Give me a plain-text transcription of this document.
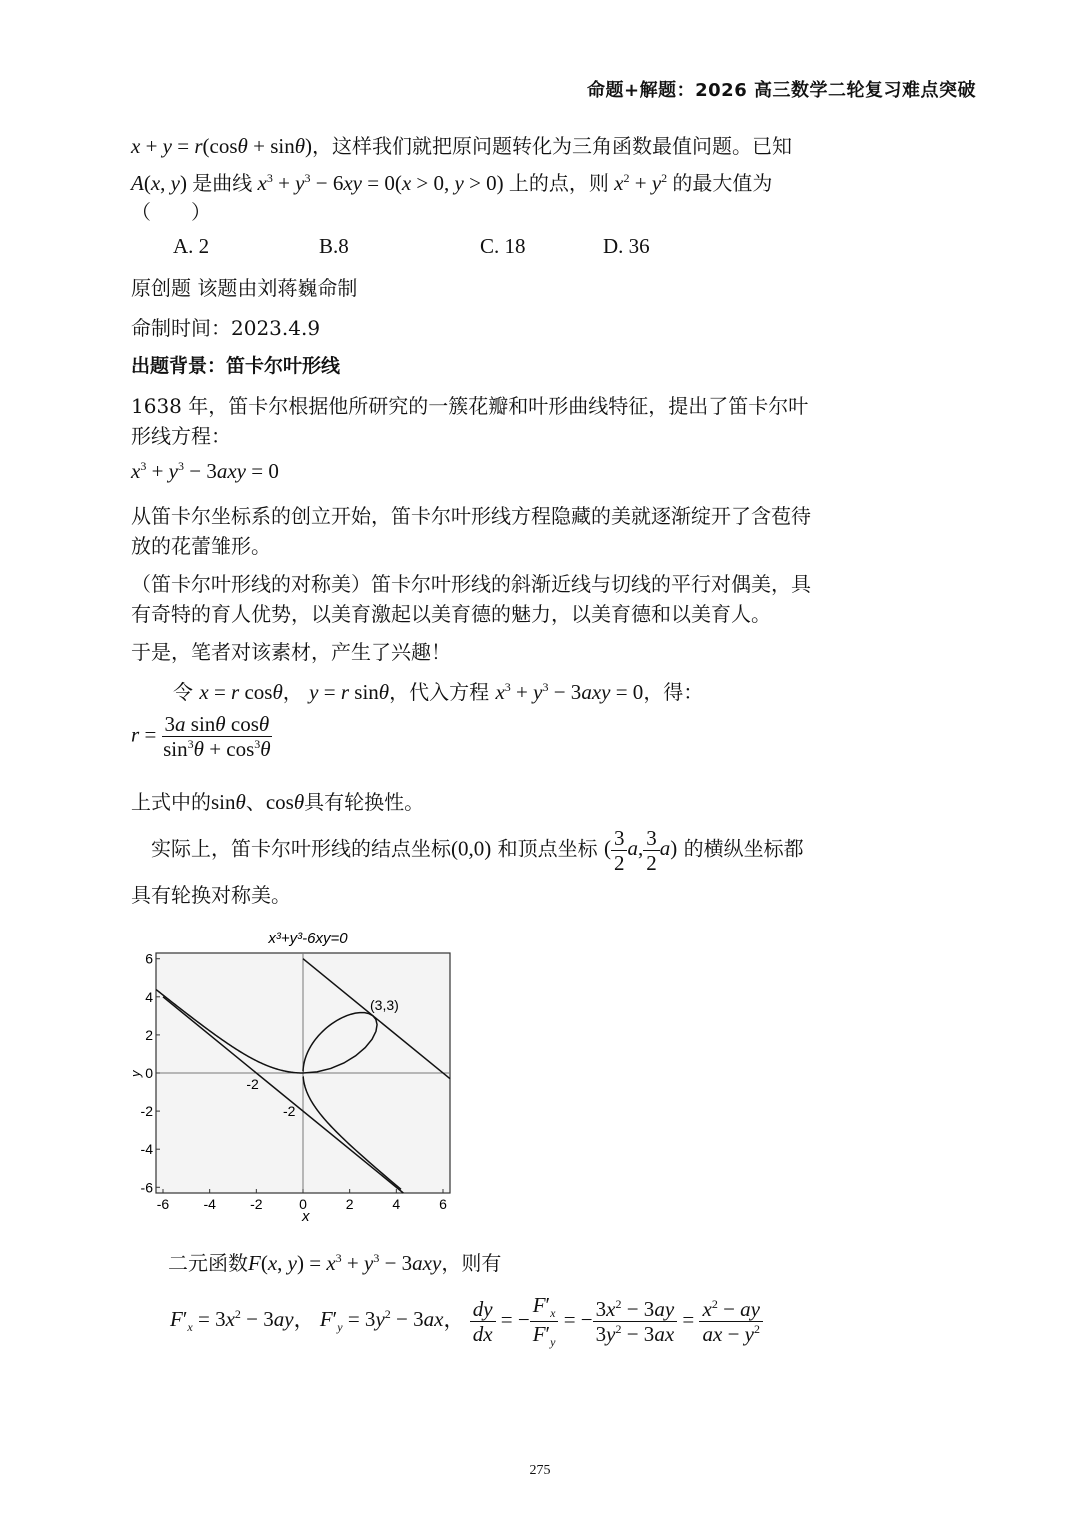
命题+解题：2026 高三数学二轮复习难点突破
x + y = r(cosθ + sinθ)，这样我们就把原问题转化为三角函数最值问题。已知
A(x, y) 是曲线 $x^3 + y^3 - 6xy = 0(x > 0$, y > 0) 上的点，则 $x^2 + y^2$ 的最大值为
（　　）
A. 2	B.8	C. 18	D. 36
原创题 该题由刘蒋巍命制
命制时间：2023.4.9
出题背景：笛卡尔叶形线
1638 年，笛卡尔根据他所研究的一簇花瓣和叶形曲线特征，提出了笛卡尔叶
形线方程：
$x^3 + y^3 - 3axy = 0$
从笛卡尔坐标系的创立开始，笛卡尔叶形线方程隐藏的美就逐渐绽开了含苞待
放的花蕾雏形。
（笛卡尔叶形线的对称美）笛卡尔叶形线的斜渐近线与切线的平行对偶美，具
有奇特的育人优势，以美育激起以美育德的魅力，以美育德和以美育人。
于是，笔者对该素材，产生了兴趣！
令 x = r cosθ， y = r sinθ，代入方程 $x^3 + y^3 - 3axy = 0$，得：
$r = \frac{\text{3a sinθ cosθ}}{\sin^3\theta + \cos^3\theta}$
上式中的sinθ、cosθ具有轮换性。
实际上，笛卡尔叶形线的结点坐标(0,0) 和顶点坐标 ( $\frac{3}{2} a$, $\frac{3}{2} a$) 的横纵坐标都
具有轮换对称美。
x³+y³-6xy=0
-6 -4 -2	0	2	4	6
-6
-4
-2
0
2
4
6
y
(3,3)
-2
-2
x
二元函数F(x, $y) = x^3 + y^3 - 3axy$，则有
$F'_x = 3x^2 - 3ay$， $F'_y = 3y^2 - 3ax$， $\frac{dy}{dx}$ = − $\frac{F'_x}{F'_y}$ = − $\frac{3x^2 - 3ay}{3y^2 - 3ax} = \frac{x^2 - ay}{ax - y^2}$
275
